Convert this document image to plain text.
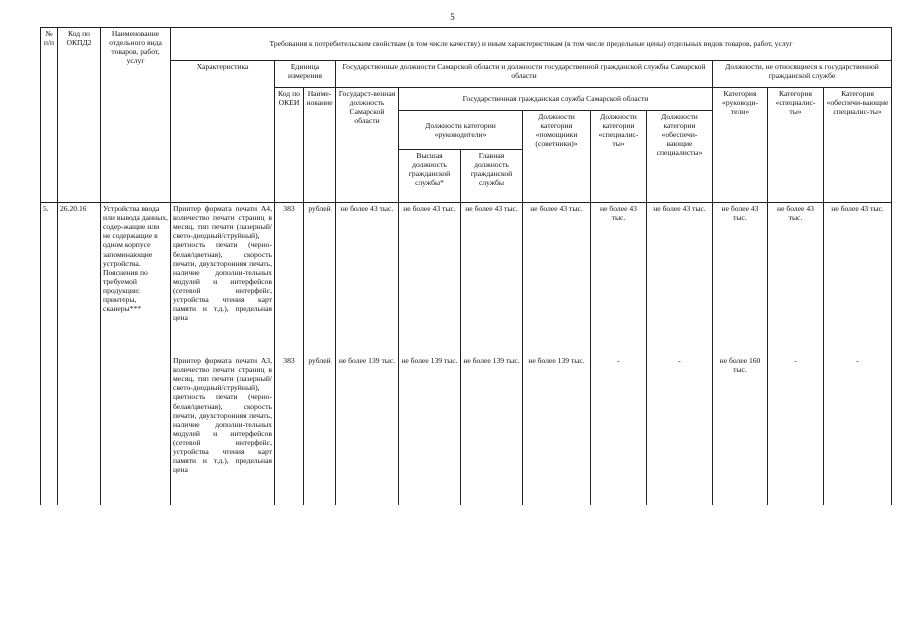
5
№ п/п	Код по ОКПД2	Наименование отдельного вида товаров, работ, услуг	Требования к потребительским свойствам (в том числе качеству) и иным характеристикам (в том числе предельные цены) отдельных видов товаров, работ, услуг											
			Характеристика	Единица измерения		Государственные должности Самарской области и должности государственной гражданской службы Самарской области						Должности, не относящиеся к государственной гражданской службе		
				Код по ОКЕИ	Наиме-нование	Государст-венная должность Самарской области	Государственная гражданская служба Самарской области					Категория «руководи-тели»	Категория «специалис-ты»	Категория «обеспечи-вающие специалис-ты»
							Должности категории «руководители»		Должности категории «помощники (советники)»	Должности категории «специалис-ты»	Должности категории «обеспечи-вающие специалисты»			
							Высшая должность гражданской службы*	Главная должность гражданской службы						
5.	26.20.16	Устройства ввода или вывода данных, содер-жащие или не содержащие в одном корпусе запоминающие устройства. Пояснения по требуемой продукции: принтеры, сканеры***	Принтер формата печати А4, количество печати страниц в месяц, тип печати (лазерный/свето-диодный/струйный), цветность печати (черно-белая/цветная), скорость печати, двухсторонняя печать, наличие дополни-тельных модулей и интерфейсов (сетевой интерфейс, устройства чтения карт памяти и т.д.), предельная цена	383	рублей	не более 43 тыс.	не более 43 тыс.	не более 43 тыс.	не более 43 тыс.	не более 43 тыс.	не более 43 тыс.	не более 43 тыс.	не более 43 тыс.	не более 43 тыс.
			Принтер формата печати А3, количество печати страниц в месяц, тип печати (лазерный/свето-диодный/струйный), цветность печати (черно-белая/цветная), скорость печати, двухсторонняя печать, наличие дополни-тельных модулей и интерфейсов (сетевой интерфейс, устройства чтения карт памяти и т.д.), предельная цена	383	рублей	не более 139 тыс.	не более 139 тыс.	не более 139 тыс.	не более 139 тыс.	-	-	не более 160 тыс.	-	-
